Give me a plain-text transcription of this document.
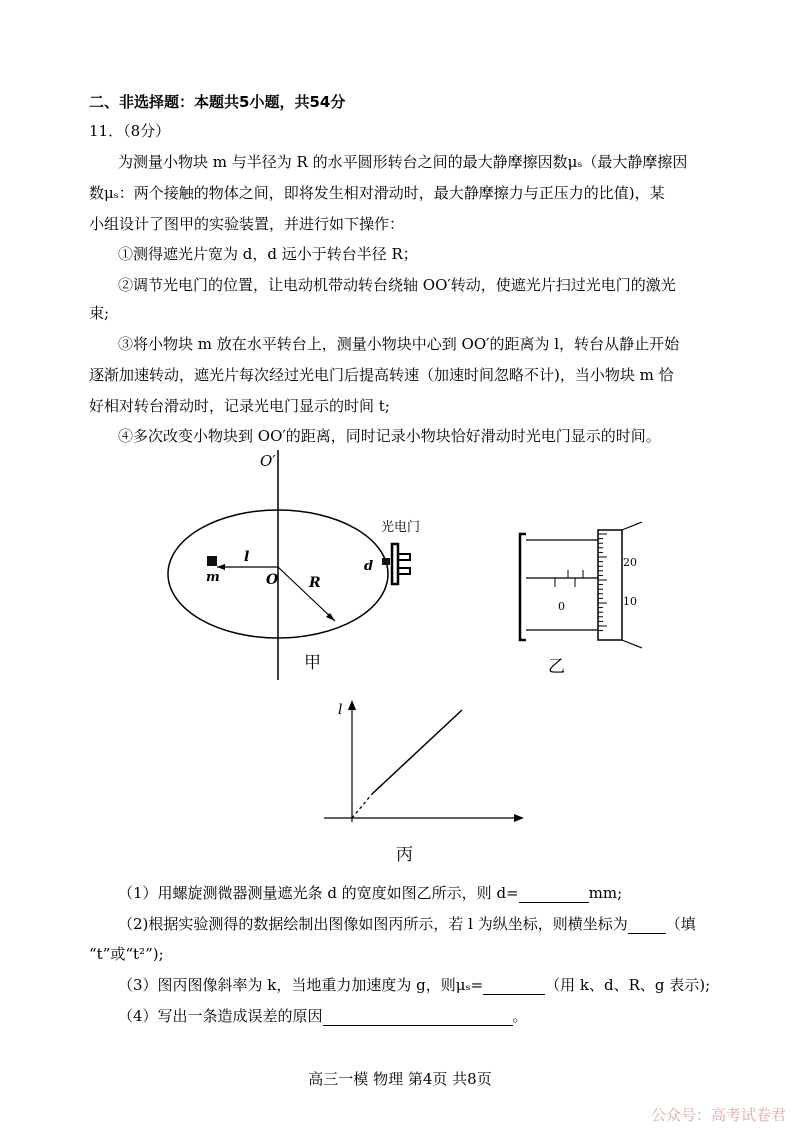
二、非选择题：本题共5小题，共54分
11．（8分）
为测量小物块 m 与半径为 R 的水平圆形转台之间的最大静摩擦因数μₛ（最大静摩擦因
数μₛ：两个接触的物体之间，即将发生相对滑动时，最大静摩擦力与正压力的比值)，某
小组设计了图甲的实验装置，并进行如下操作：
①测得遮光片宽为 d，d 远小于转台半径 R；
②调节光电门的位置，让电动机带动转台绕轴 OO′转动，使遮光片扫过光电门的激光
束;
③将小物块 m 放在水平转台上，测量小物块中心到 OO′的距离为 l，转台从静止开始
逐渐加速转动，遮光片每次经过光电门后提高转速（加速时间忽略不计)，当小物块 m 恰
好相对转台滑动时，记录光电门显示的时间 t;
④多次改变小物块到 OO′的距离，同时记录小物块恰好滑动时光电门显示的时间。
O′
m
l
O R
d
光电门
甲
0
20
10
乙
l
丙
（1）用螺旋测微器测量遮光条 d 的宽度如图乙所示，则 d=	mm;
（2)根据实验测得的数据绘制出图像如图丙所示，若 l 为纵坐标，则横坐标为	（填
“t”或“t²”);
（3）图丙图像斜率为 k，当地重力加速度为 g，则μₛ=	（用 k、d、R、g 表示);
（4）写出一条造成误差的原因	。
高三一模 物理 第4页 共8页
公众号：高考试卷君
